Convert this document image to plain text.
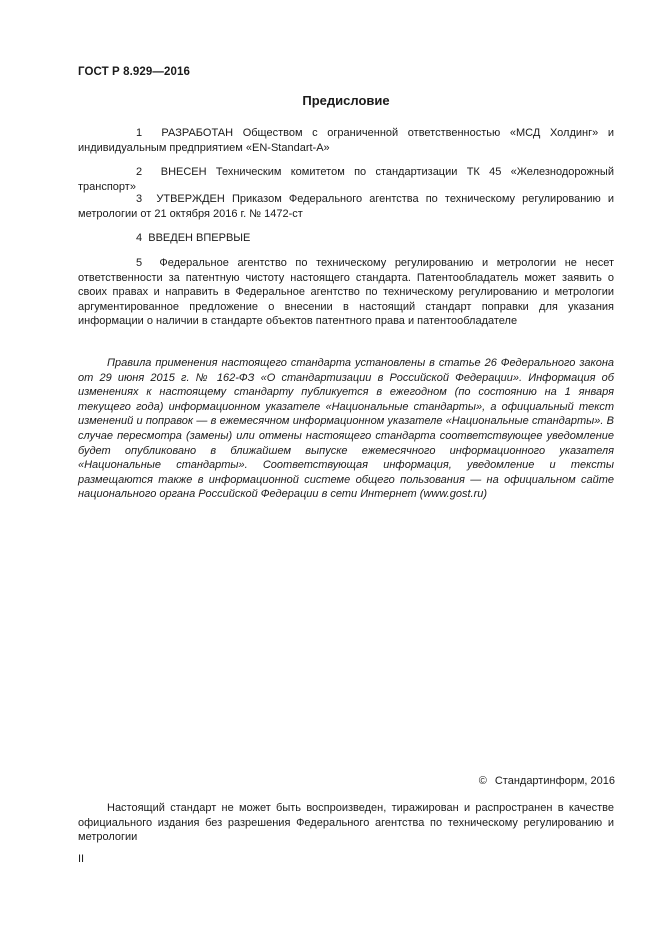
ГОСТ Р 8.929—2016
Предисловие

1 РАЗРАБОТАН Обществом с ограниченной ответственностью «МСД Холдинг» и индивидуальным предприятием «EN-Standart-A»

2 ВНЕСЕН Техническим комитетом по стандартизации ТК 45 «Железнодорожный транспорт»

3 УТВЕРЖДЕН Приказом Федерального агентства по техническому регулированию и метрологии от 21 октября 2016 г. № 1472-ст

4 ВВЕДЕН ВПЕРВЫЕ

5 Федеральное агентство по техническому регулированию и метрологии не несет ответственности за патентную чистоту настоящего стандарта. Патентообладатель может заявить о своих правах и направить в Федеральное агентство по техническому регулированию и метрологии аргументированное предложение о внесении в настоящий стандарт поправки для указания информации о наличии в стандарте объектов патентного права и патентообладателе

Правила применения настоящего стандарта установлены в статье 26 Федерального закона от 29 июня 2015 г. № 162-ФЗ «О стандартизации в Российской Федерации». Информация об изменениях к настоящему стандарту публикуется в ежегодном (по состоянию на 1 января текущего года) информационном указателе «Национальные стандарты», а официальный текст изменений и поправок — в ежемесячном информационном указателе «Национальные стандарты». В случае пересмотра (замены) или отмены настоящего стандарта соответствующее уведомление будет опубликовано в ближайшем выпуске ежемесячного информационного указателя «Национальные стандарты». Соответствующая информация, уведомление и тексты размещаются также в информационной системе общего пользования — на официальном сайте национального органа Российской Федерации в сети Интернет (www.gost.ru)

© Стандартинформ, 2016

Настоящий стандарт не может быть воспроизведен, тиражирован и распространен в качестве официального издания без разрешения Федерального агентства по техническому регулированию и метрологии

II
